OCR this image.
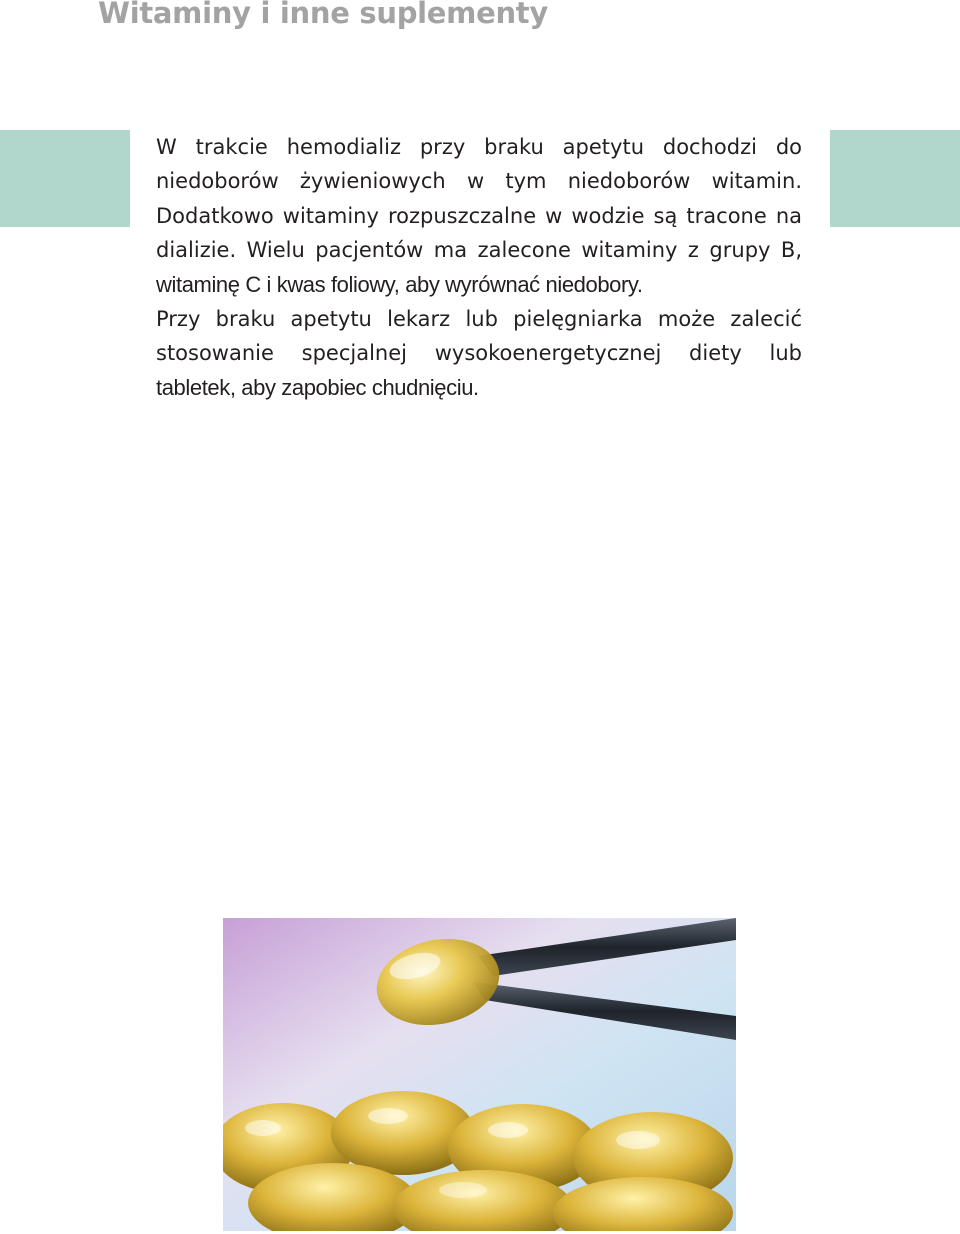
Witaminy i inne suplementy
W trakcie hemodializ przy braku apetytu dochodzi do
niedoborów żywieniowych w tym niedoborów witamin.
Dodatkowo witaminy rozpuszczalne w wodzie są tracone na
dializie. Wielu pacjentów ma zalecone witaminy z grupy B,
witaminę C i kwas foliowy, aby wyrównać niedobory.
Przy braku apetytu lekarz lub pielęgniarka może zalecić
stosowanie specjalnej wysokoenergetycznej diety lub
tabletek, aby zapobiec chudnięciu.
